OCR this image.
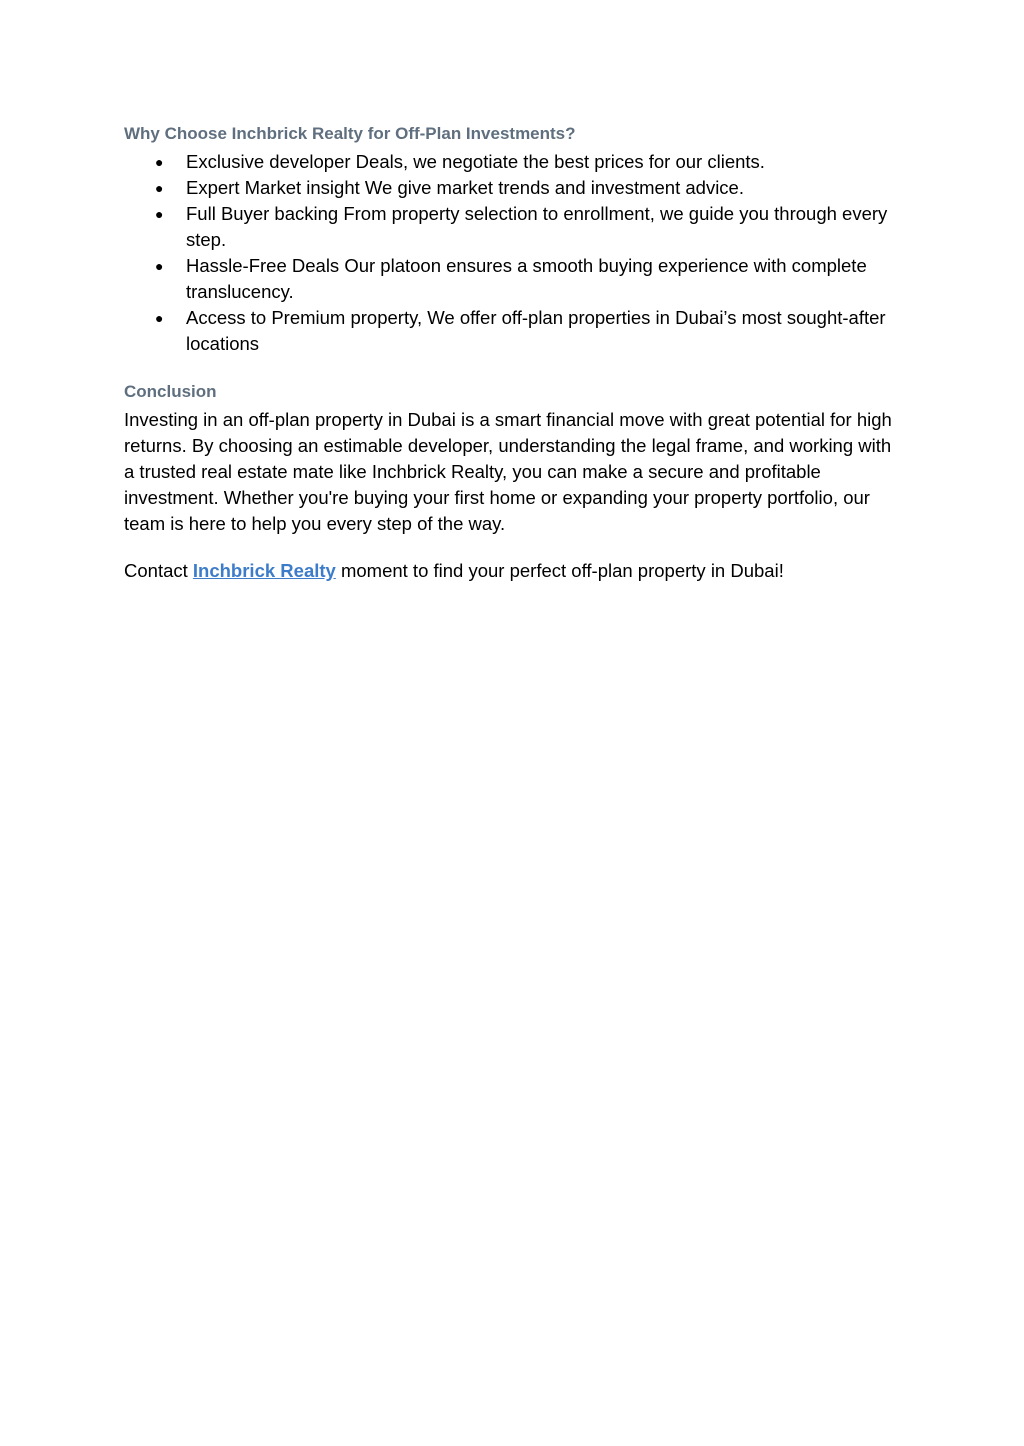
Why Choose Inchbrick Realty for Off-Plan Investments?
● Exclusive developer Deals, we negotiate the best prices for our clients.
● Expert Market insight We give market trends and investment advice.
● Full Buyer backing From property selection to enrollment, we guide you through every step.
● Hassle-Free Deals Our platoon ensures a smooth buying experience with complete translucency.
● Access to Premium property, We offer off-plan properties in Dubai’s most sought-after locations
Conclusion

Investing in an off-plan property in Dubai is a smart financial move with great potential for high returns. By choosing an estimable developer, understanding the legal frame, and working with a trusted real estate mate like Inchbrick Realty, you can make a secure and profitable investment. Whether you're buying your first home or expanding your property portfolio, our team is here to help you every step of the way.

Contact Inchbrick Realty moment to find your perfect off-plan property in Dubai!
